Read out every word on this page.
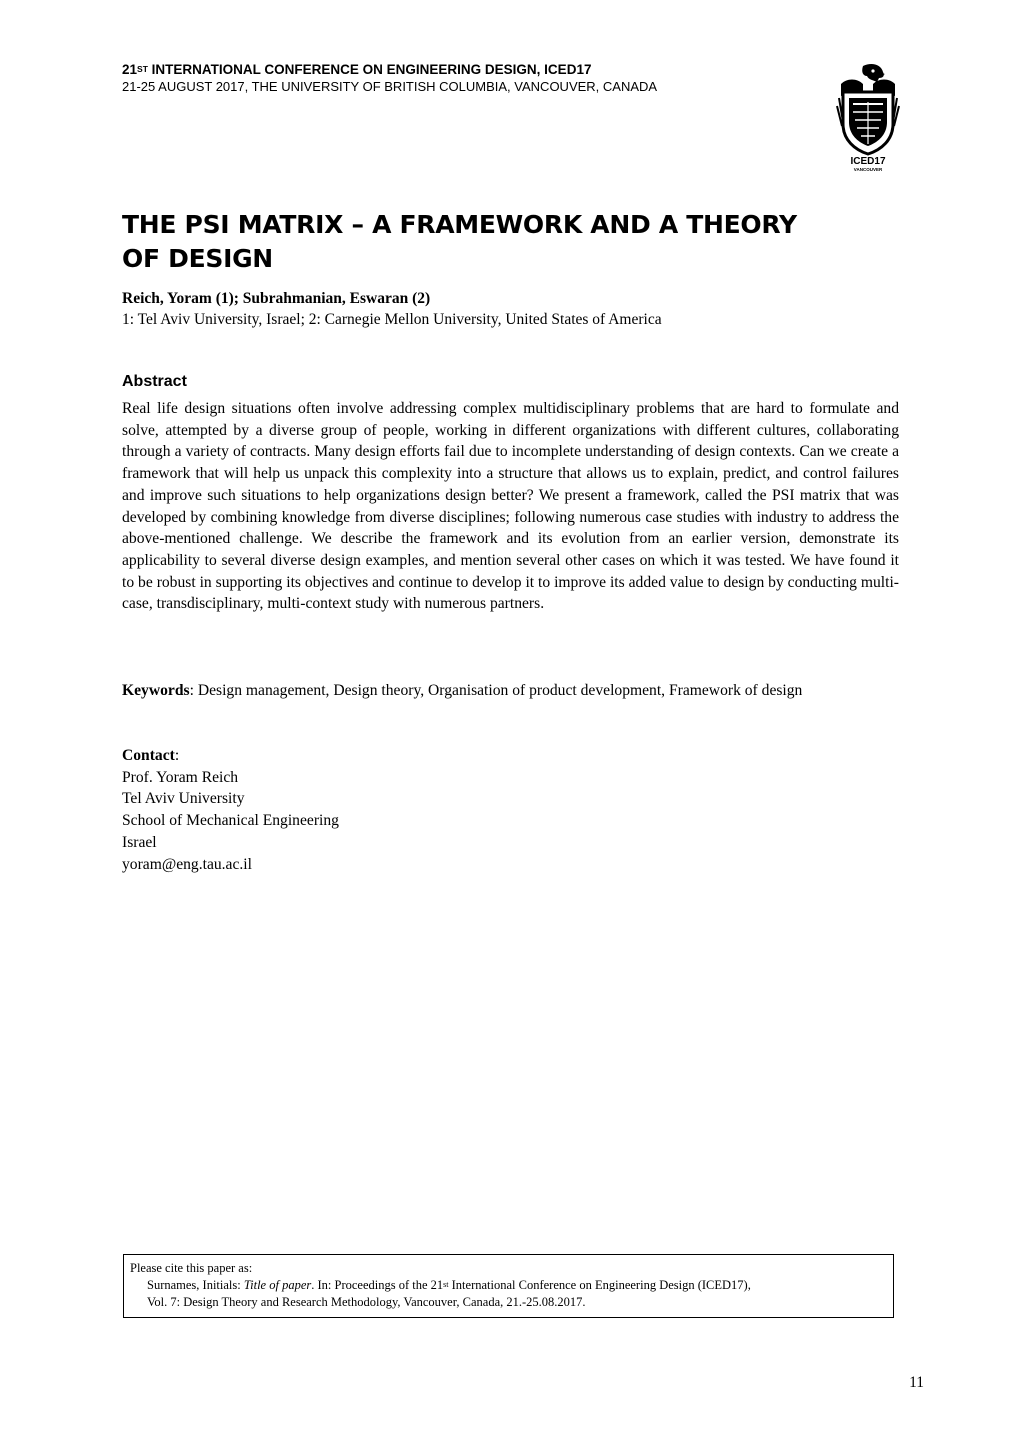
21ST INTERNATIONAL CONFERENCE ON ENGINEERING DESIGN, ICED17
21-25 AUGUST 2017, THE UNIVERSITY OF BRITISH COLUMBIA, VANCOUVER, CANADA
ICED17
VANCOUVER
THE PSI MATRIX – A FRAMEWORK AND A THEORY OF DESIGN
Reich, Yoram (1); Subrahmanian, Eswaran (2)
1: Tel Aviv University, Israel; 2: Carnegie Mellon University, United States of America
Abstract
Real life design situations often involve addressing complex multidisciplinary problems that are hard to formulate and solve, attempted by a diverse group of people, working in different organizations with different cultures, collaborating through a variety of contracts. Many design efforts fail due to incomplete understanding of design contexts. Can we create a framework that will help us unpack this complexity into a structure that allows us to explain, predict, and control failures and improve such situations to help organizations design better? We present a framework, called the PSI matrix that was developed by combining knowledge from diverse disciplines; following numerous case studies with industry to address the above-mentioned challenge. We describe the framework and its evolution from an earlier version, demonstrate its applicability to several diverse design examples, and mention several other cases on which it was tested. We have found it to be robust in supporting its objectives and continue to develop it to improve its added value to design by conducting multi-case, transdisciplinary, multi-context study with numerous partners.
Keywords: Design management, Design theory, Organisation of product development, Framework of design
Contact:
Prof. Yoram Reich
Tel Aviv University
School of Mechanical Engineering
Israel
yoram@eng.tau.ac.il
Please cite this paper as:
Surnames, Initials: Title of paper. In: Proceedings of the 21st International Conference on Engineering Design (ICED17),
Vol. 7: Design Theory and Research Methodology, Vancouver, Canada, 21.-25.08.2017.
11
